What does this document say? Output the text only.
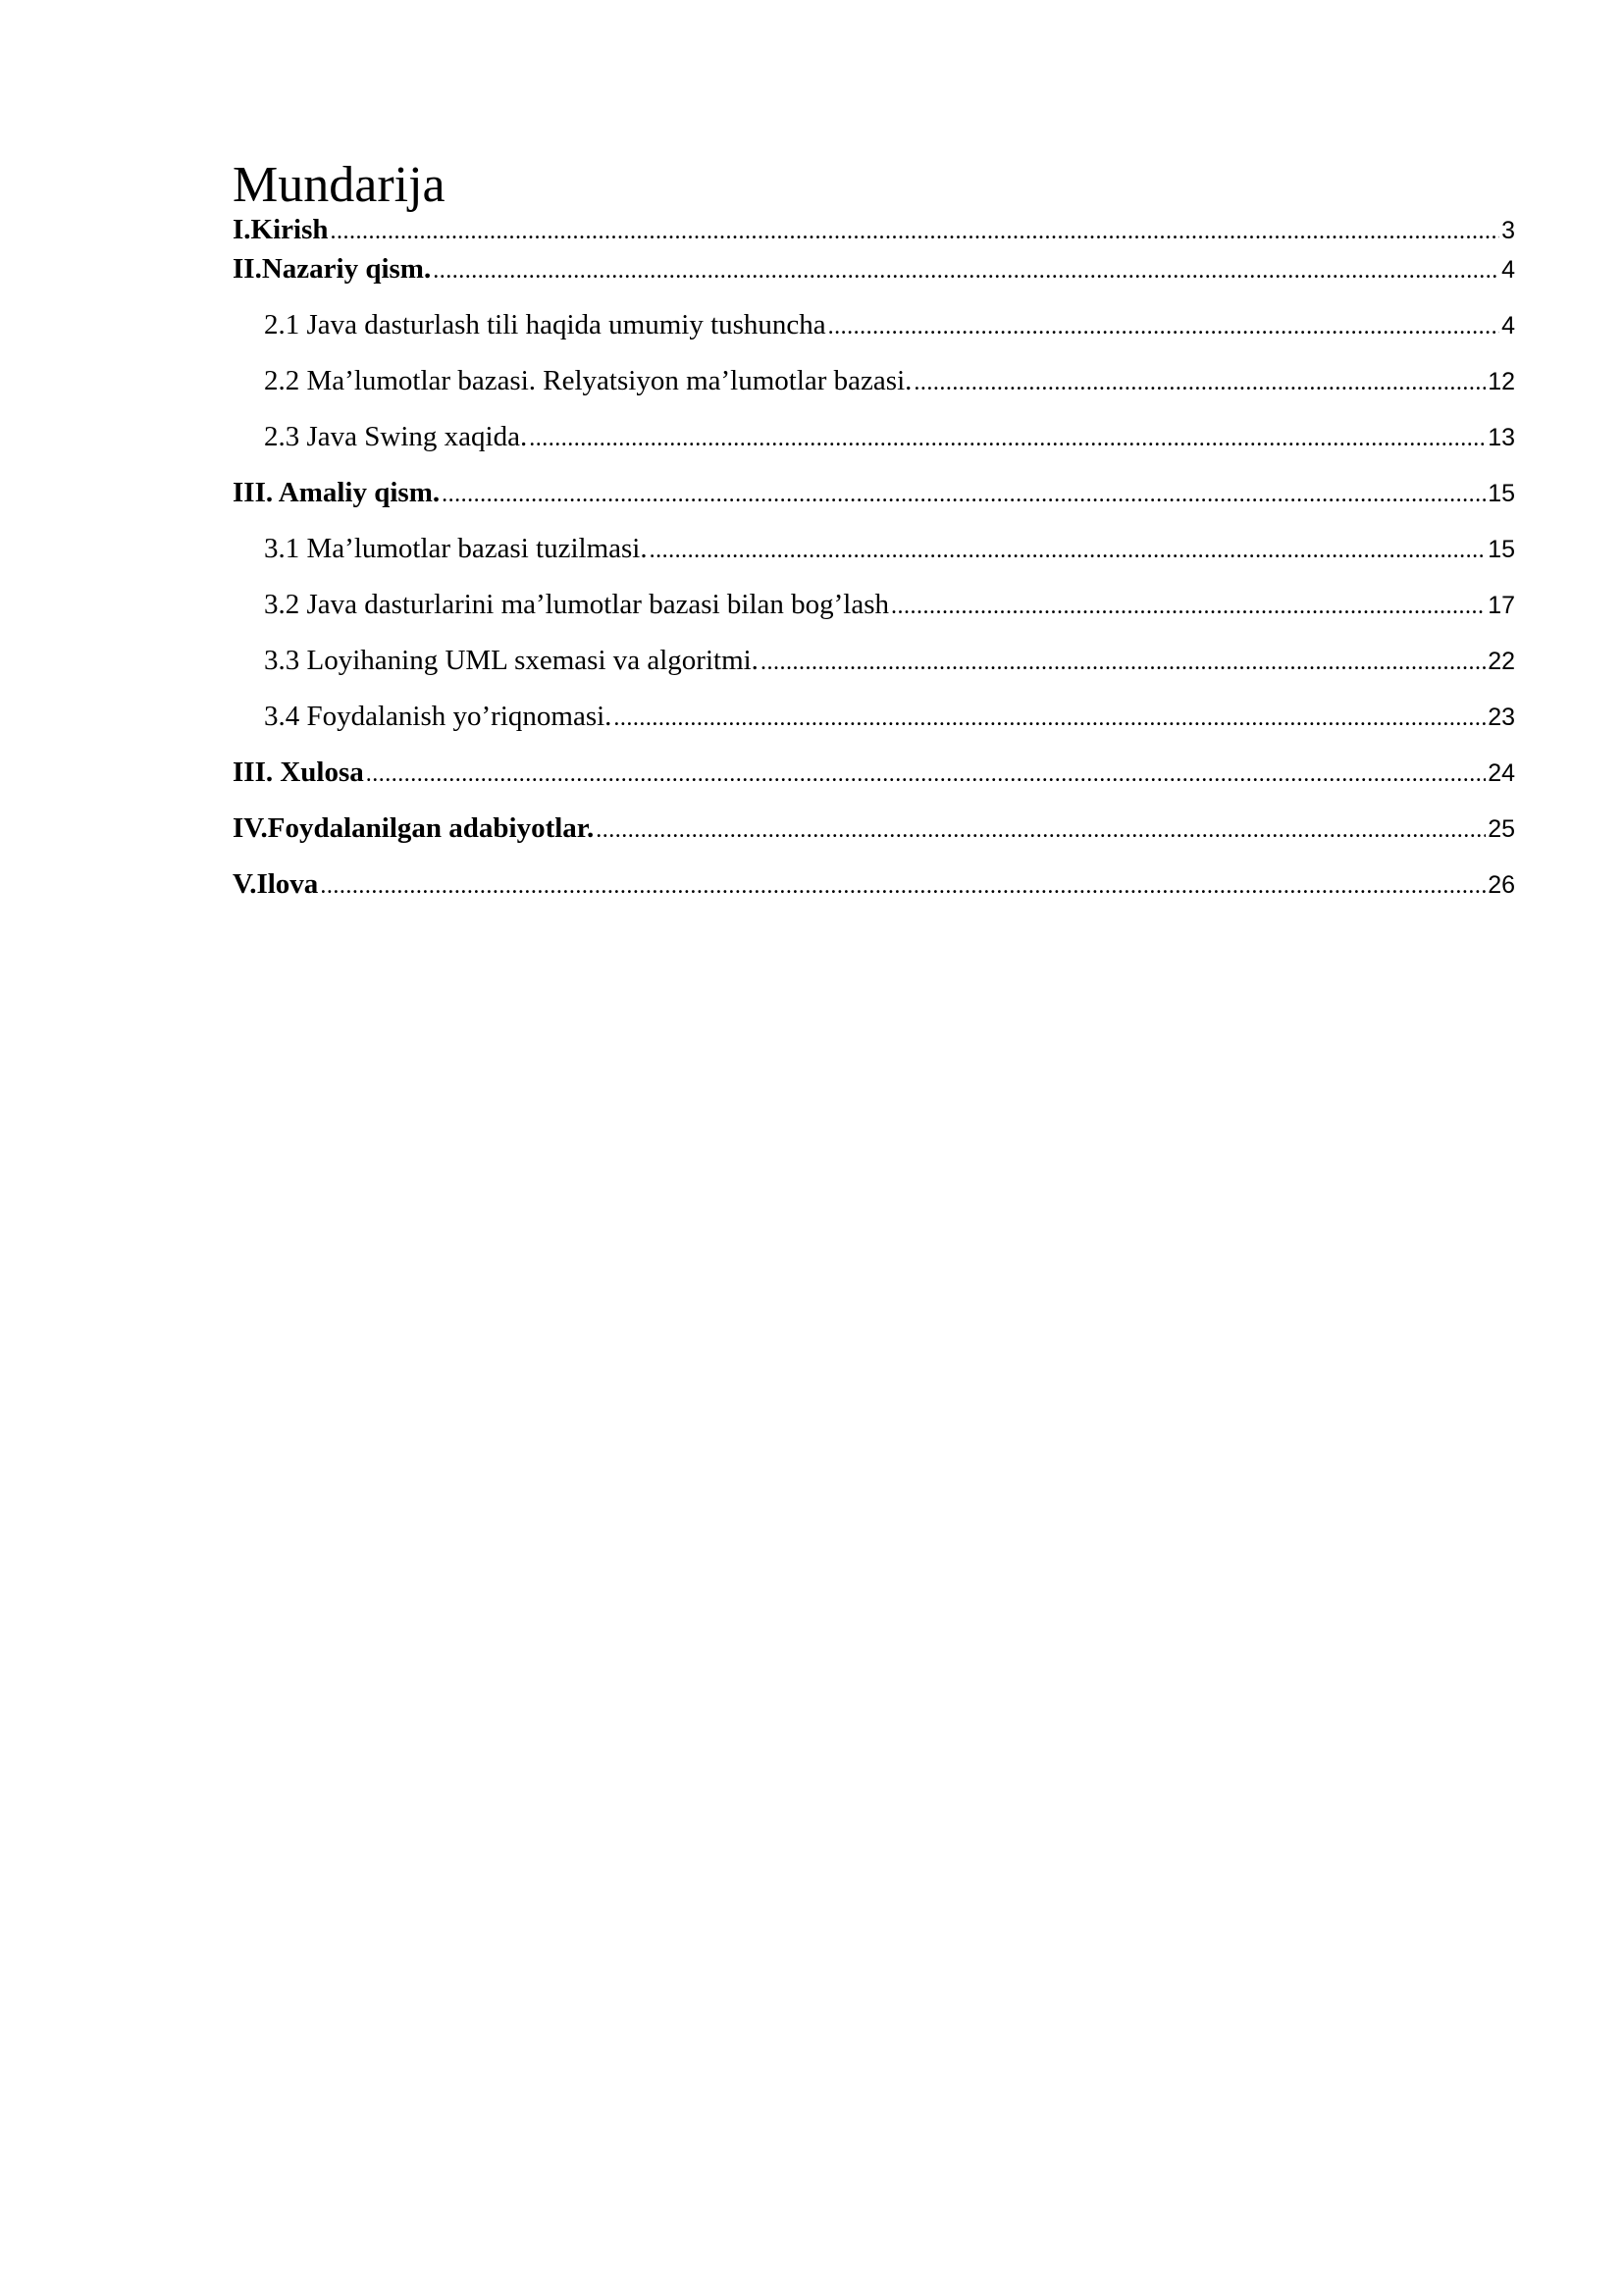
Mundarija
I.Kirish .....	3
II.Nazariy qism. .....	4
2.1 Java dasturlash tili haqida umumiy tushuncha .....	4
2.2 Ma’lumotlar bazasi. Relyatsiyon ma’lumotlar bazasi. .....	12
2.3 Java Swing xaqida. .....	13
III. Amaliy qism. .....	15
3.1 Ma’lumotlar bazasi tuzilmasi. .....	15
3.2 Java dasturlarini ma’lumotlar bazasi bilan bog’lash .....	17
3.3 Loyihaning UML sxemasi va algoritmi. .....	22
3.4 Foydalanish yo’riqnomasi. .....	23
III. Xulosa .....	24
IV.Foydalanilgan adabiyotlar. .....	25
V.Ilova .....	26
